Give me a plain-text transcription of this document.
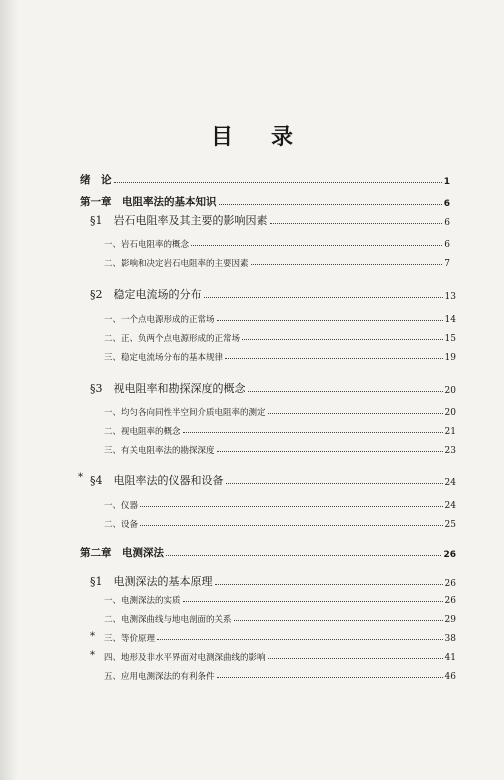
目 录
绪　论	1
第一章　电阻率法的基本知识	6
§1　岩石电阻率及其主要的影响因素	6
一、岩石电阻率的概念	6
二、影响和决定岩石电阻率的主要因素	7
§2　稳定电流场的分布	13
一、一个点电源形成的正常场	14
二、正、负两个点电源形成的正常场	15
三、稳定电流场分布的基本规律	19
§3　视电阻率和勘探深度的概念	20
一、均匀各向同性半空间介质电阻率的测定	20
二、视电阻率的概念	21
三、有关电阻率法的勘探深度	23
* §4　电阻率法的仪器和设备	24
一、仪器	24
二、设备	25
第二章　电测深法	26
§1　电测深法的基本原理	26
一、电测深法的实质	26
二、电测深曲线与地电剖面的关系	29
* 三、等价原理	38
* 四、地形及非水平界面对电测深曲线的影响	41
五、应用电测深法的有利条件	46
